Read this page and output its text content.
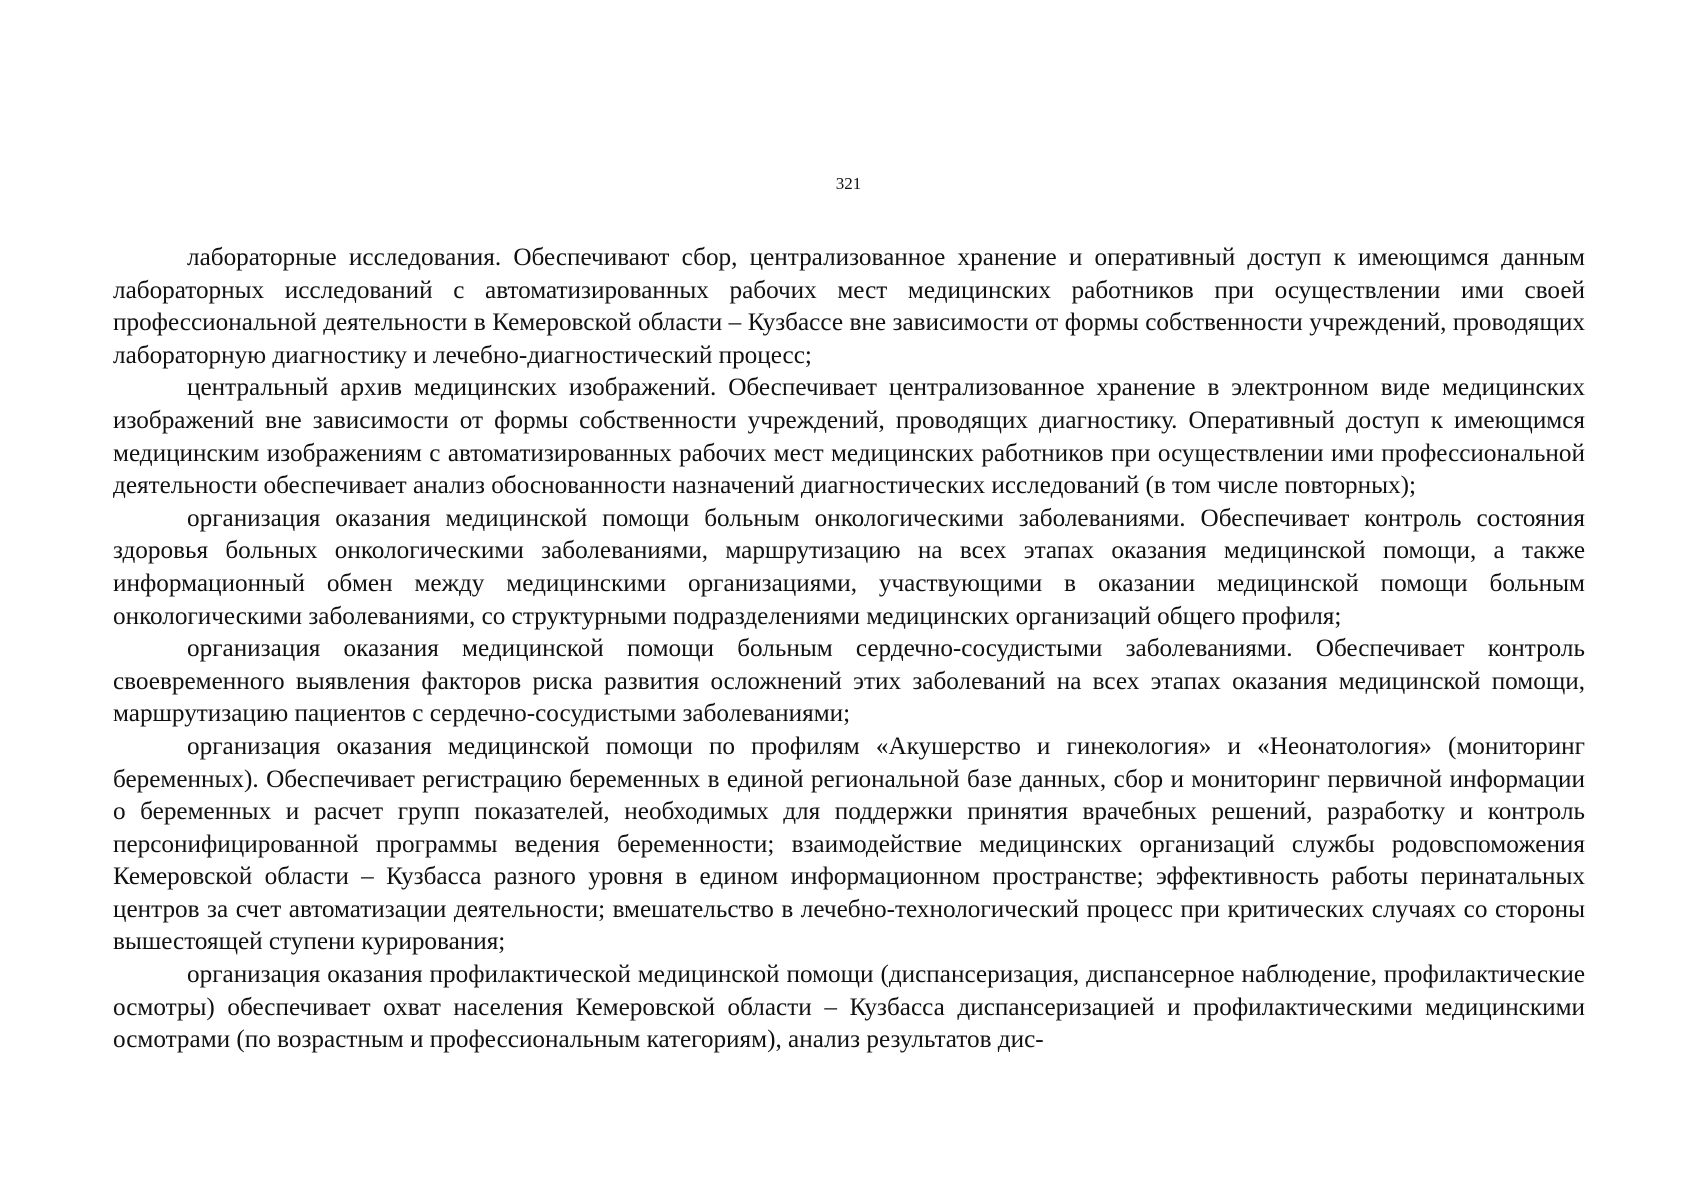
321

лабораторные исследования. Обеспечивают сбор, централизованное хранение и оперативный доступ к имеющимся данным лабораторных исследований с автоматизированных рабочих мест медицинских работников при осуществлении ими своей профессиональной деятельности в Кемеровской области – Кузбассе вне зависимости от формы собственности учреждений, проводящих лабораторную диагностику и лечебно-диагностический процесс;

центральный архив медицинских изображений. Обеспечивает централизованное хранение в электронном виде медицинских изображений вне зависимости от формы собственности учреждений, проводящих диагностику. Оперативный доступ к имеющимся медицинским изображениям с автоматизированных рабочих мест медицинских работников при осуществлении ими профессиональной деятельности обеспечивает анализ обоснованности назначений диагностических исследований (в том числе повторных);

организация оказания медицинской помощи больным онкологическими заболеваниями. Обеспечивает контроль состояния здоровья больных онкологическими заболеваниями, маршрутизацию на всех этапах оказания медицинской помощи, а также информационный обмен между медицинскими организациями, участвующими в оказании медицинской помощи больным онкологическими заболеваниями, со структурными подразделениями медицинских организаций общего профиля;

организация оказания медицинской помощи больным сердечно-сосудистыми заболеваниями. Обеспечивает контроль своевременного выявления факторов риска развития осложнений этих заболеваний на всех этапах оказания медицинской помощи, маршрутизацию пациентов с сердечно-сосудистыми заболеваниями;

организация оказания медицинской помощи по профилям «Акушерство и гинекология» и «Неонатология» (мониторинг беременных). Обеспечивает регистрацию беременных в единой региональной базе данных, сбор и мониторинг первичной информации о беременных и расчет групп показателей, необходимых для поддержки принятия врачебных решений, разработку и контроль персонифицированной программы ведения беременности; взаимодействие медицинских организаций службы родовспоможения Кемеровской области – Кузбасса разного уровня в едином информационном пространстве; эффективность работы перинатальных центров за счет автоматизации деятельности; вмешательство в лечебно-технологический процесс при критических случаях со стороны вышестоящей ступени курирования;

организация оказания профилактической медицинской помощи (диспансеризация, диспансерное наблюдение, профилактические осмотры) обеспечивает охват населения Кемеровской области – Кузбасса диспансеризацией и профилактическими медицинскими осмотрами (по возрастным и профессиональным категориям), анализ результатов дис-
